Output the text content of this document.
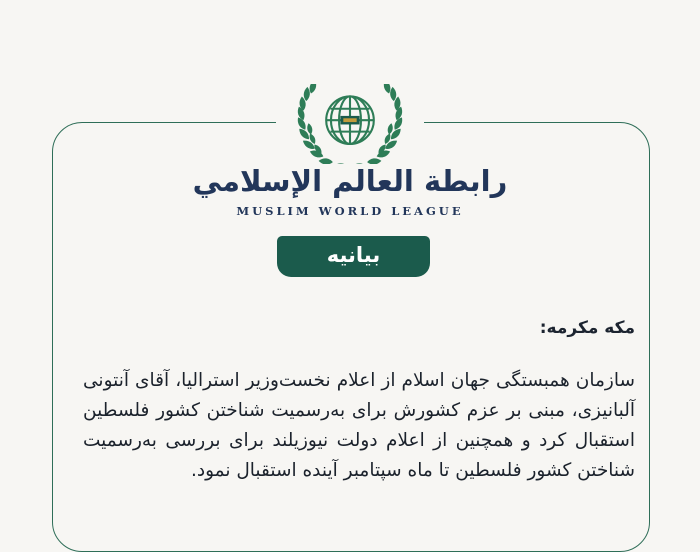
رابطة العالم الإسلامي
MUSLIM WORLD LEAGUE
بیانیه
مکه مکرمه:
سازمان همبستگی جهان اسلام از اعلام نخست‌وزیر استرالیا، آقای آنتونی آلبانیزی، مبنی بر عزم کشورش برای به‌رسمیت شناختن کشور فلسطین استقبال کرد و همچنین از اعلام دولت نیوزیلند برای بررسی به‌رسمیت شناختن کشور فلسطین تا ماه سپتامبر آینده استقبال نمود.
